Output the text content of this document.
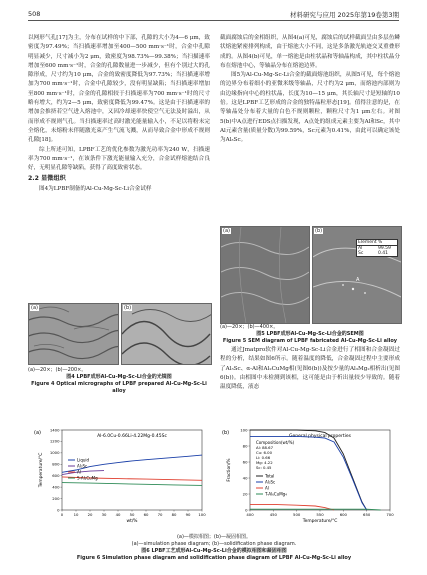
508	材料研究与应用 2025年第19卷第3期

以网形气孔[17]为主，分布在试样的中下部，孔隙的大小为4—6 μm，致密度为97.49%；当扫描速率增加至400—500 mm·s⁻¹时，合金中孔隙明显减少，尺寸减小为2 μm，致密度为98.73%—99.38%；当扫描速率增加至600 mm·s⁻¹时，合金的孔隙数量进一步减少，但有个别过大的孔隙形成，尺寸约为10 μm，合金的致密度降低为97.73%；当扫描速率增加为700 mm·s⁻¹时，合金中孔隙较少，没有明显缺陷；当扫描速率增加至800 mm·s⁻¹时，合金的孔隙相较于扫描速率为700 mm·s⁻¹时的尺寸略有增大，约为2—5 μm，致密度降低为99.47%。这是由于扫描速率的增加会推挤若空气进入熔池中，又因冷却速率快使空气无法及时溢出，从而形成不规则气孔。当扫描速率过高时激光能量输入小，不足以将粉末完全熔化，未熔粉末伴随激光束产生气流飞溅，从而导致合金中形成不规则孔隙[18]。

综上所述可知，LPBF工艺的优化参数为激光功率为240 W，扫描速率为700 mm·s⁻¹，在该条件下激光能量输入充分，合金试样熔池结合良好，无明显孔隙等缺陷，获得了高度致密状态。

2.2 显微组织

图4为LPBF制备的Al-Cu-Mg-Sc-Li合金试样

(a)	(b)
(a)—20×；(b)—200×。
图4 LPBF成形Al-Cu-Mg-Sc-Li合金的光镜图
Figure 4 Optical micrographs of LPBF prepared Al-Cu-Mg-Sc-Li alloy

截面腐蚀后的金相组织，从图4(a)可见，腐蚀后的试样截面呈由多层鱼鳞状熔池紧密排列构成，由于熔池大小不同，这是多条激光轨迹交叉重叠形成的。从图4(b)可见，单一熔池是由柱状晶和等轴晶构成，其中柱状晶分布在熔池中心，等轴晶分布在熔池边界。

图5为Al-Cu-Mg-Sc-Li合金的截面熔池组织，从图5可见，每个熔池的边界分布着细小的亚微米级等轴晶，尺寸约为2 μm，而熔池内部则为由边缘指向中心的柱状晶，长度为10—15 μm，其长轴尺寸是短轴的10倍。这是LPBF工艺形成的合金的独特晶粒形态[19]。值得注意的是，在等轴晶处分布着大量的白色不规则颗粒，颗粒尺寸为1 μm左右。对图5(b)中A点进行EDS点扫描发现，A点处的组成元素主要为Al和Sc，其中Al元素含量(质量分数)为99.59%，Sc元素为0.41%，由此可以确定该处为Al₃Sc。

(a)	(b)
A
Element %
Al	99.59
Sc	0.41
(a)—20×；(b)—400×。
图5 LPBF成形Al-Cu-Mg-Sc-Li合金的SEM图
Figure 5 SEM diagram of LPBF fabricated Al-Cu-Mg-Sc-Li alloy

通过Jmatpro软件对Al-Cu-Mg-Sc-Li合金进行了相图和合金凝固过程的分析，结果如图6所示。随着温度的降低，合金凝固过程中主要形成了Al₃Sc、α-Al和Al₂CuMg相(见图6(b))及按少量的Al₃Mg₂相析出(见图6(b))。由相图中未检测到该相，这可能是由于析出量较少导致的。随着温度降低，液态

(a)
Al-6.0Cu-0.66Li-4.22Mg-0.45Sc
0	10 20 30 40 50 60 70 80 90 100
0
200
400
600
800
1000
1200
1400
wt/%
Temperature/°C	Liquid
Al₃Sc
Al
S-Al₂CuMg
(b)
General physical properties
400	450	500	550	600	650	700
0
20
40
60
80
100
Temperature/°C
Fraction/%	Total
Al₃Sc
Al
T-Al₆CuMg₄
Composition(wt/%)
Al: 88.67
Cu: 6.00
Li: 0.66
Mg: 4.22
Sc: 0.45
(a)—模拟相图；(b)—凝固相图。
(a)—simulation phase diagram; (b)—solidification phase diagram.
图6 LPBF工艺成形Al-Cu-Mg-Sc-Li合金的模拟相图和凝固相图
Figure 6 Simulation phase diagram and solidification phase diagram of LPBF Al-Cu-Mg-Sc-Li alloy
